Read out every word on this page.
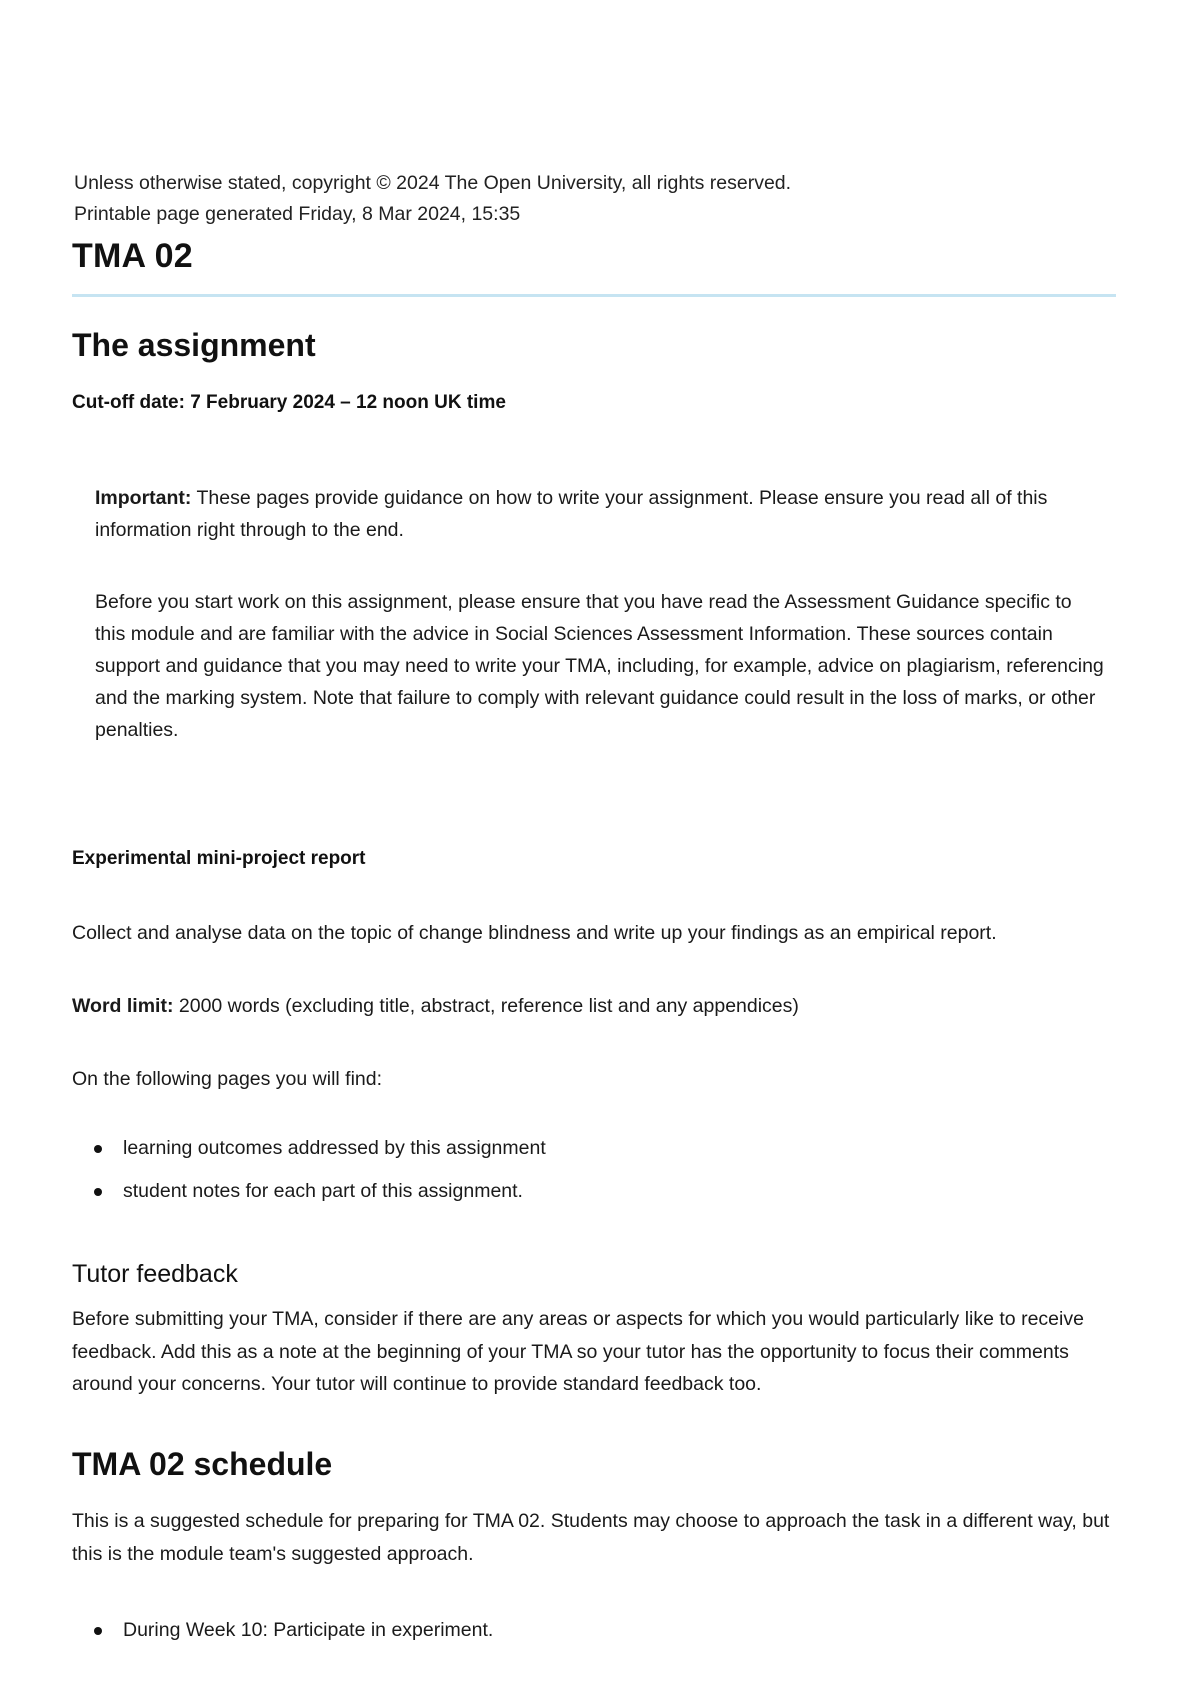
Unless otherwise stated, copyright © 2024 The Open University, all rights reserved.
Printable page generated Friday, 8 Mar 2024, 15:35
TMA 02
The assignment
Cut-off date: 7 February 2024 – 12 noon UK time

Important: These pages provide guidance on how to write your assignment. Please ensure you read all of this information right through to the end.

Before you start work on this assignment, please ensure that you have read the Assessment Guidance specific to this module and are familiar with the advice in Social Sciences Assessment Information. These sources contain support and guidance that you may need to write your TMA, including, for example, advice on plagiarism, referencing and the marking system. Note that failure to comply with relevant guidance could result in the loss of marks, or other penalties.

Experimental mini-project report

Collect and analyse data on the topic of change blindness and write up your findings as an empirical report.

Word limit: 2000 words (excluding title, abstract, reference list and any appendices)

On the following pages you will find:

learning outcomes addressed by this assignment
student notes for each part of this assignment.
Tutor feedback

Before submitting your TMA, consider if there are any areas or aspects for which you would particularly like to receive feedback. Add this as a note at the beginning of your TMA so your tutor has the opportunity to focus their comments around your concerns. Your tutor will continue to provide standard feedback too.

TMA 02 schedule

This is a suggested schedule for preparing for TMA 02. Students may choose to approach the task in a different way, but this is the module team's suggested approach.

During Week 10: Participate in experiment.
